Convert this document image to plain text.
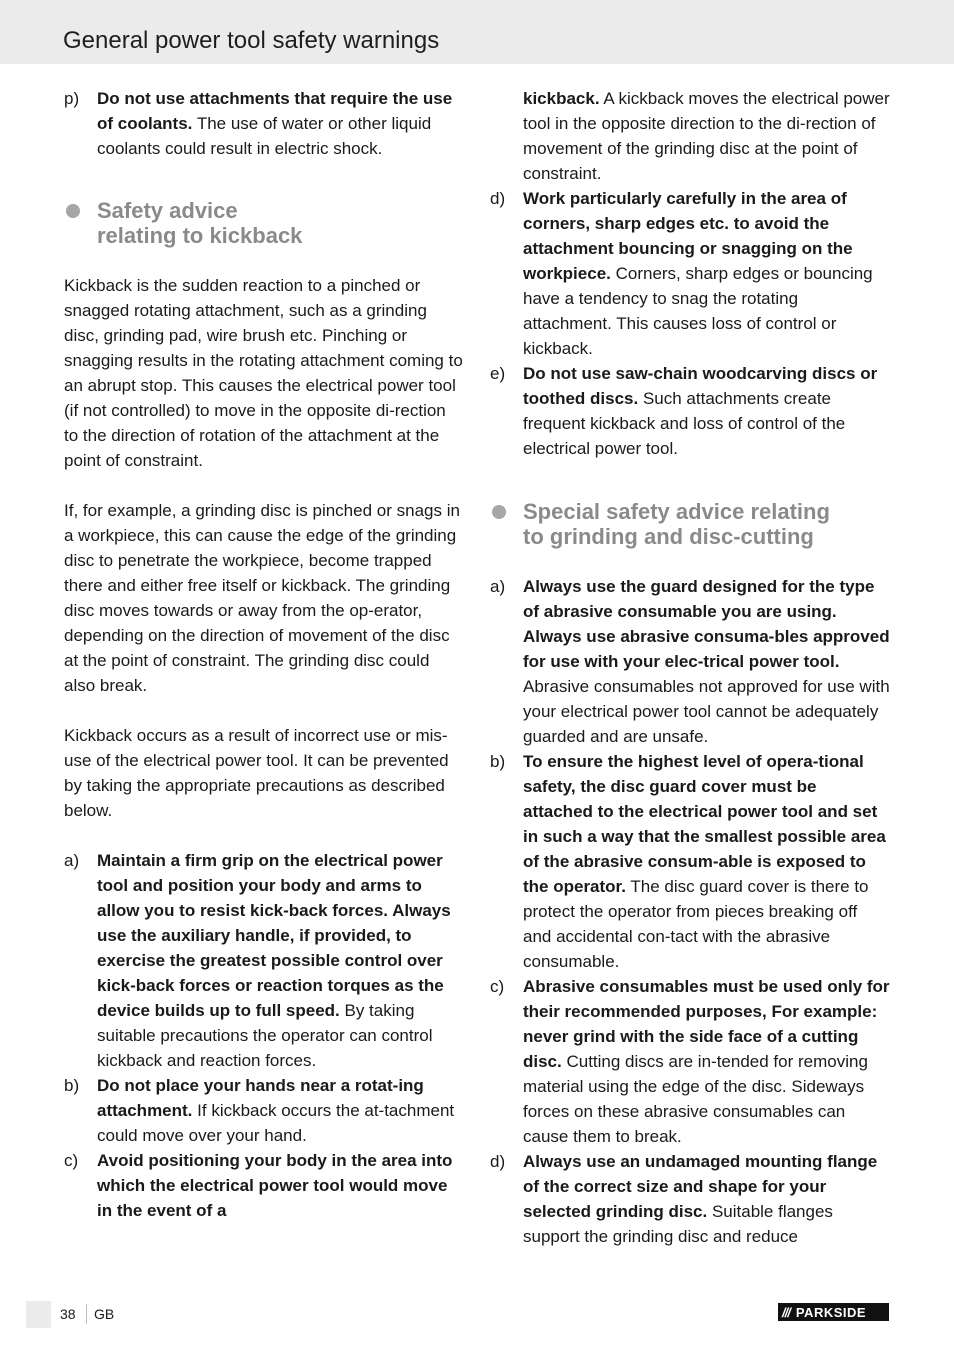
General power tool safety warnings
p) Do not use attachments that require the use of coolants. The use of water or other liquid coolants could result in electric shock.

Safety advice
relating to kickback

Kickback is the sudden reaction to a pinched or snagged rotating attachment, such as a grinding disc, grinding pad, wire brush etc. Pinching or snagging results in the rotating attachment coming to an abrupt stop. This causes the electrical power tool (if not controlled) to move in the opposite di-rection to the direction of rotation of the attachment at the point of constraint.

If, for example, a grinding disc is pinched or snags in a workpiece, this can cause the edge of the grinding disc to penetrate the workpiece, become trapped there and either free itself or kickback. The grinding disc moves towards or away from the op-erator, depending on the direction of movement of the disc at the point of constraint. The grinding disc could also break.

Kickback occurs as a result of incorrect use or mis-use of the electrical power tool. It can be prevented by taking the appropriate precautions as described below.

a) Maintain a firm grip on the electrical power tool and position your body and arms to allow you to resist kick-back forces. Always use the auxiliary handle, if provided, to exercise the greatest possible control over kick-back forces or reaction torques as the device builds up to full speed. By taking suitable precautions the operator can control kickback and reaction forces.

b) Do not place your hands near a rotat-ing attachment. If kickback occurs the at-tachment could move over your hand.

c) Avoid positioning your body in the area into which the electrical power tool would move in the event of a

kickback. A kickback moves the electrical power tool in the opposite direction to the di-rection of movement of the grinding disc at the point of constraint.

d) Work particularly carefully in the area of corners, sharp edges etc. to avoid the attachment bouncing or snagging on the workpiece. Corners, sharp edges or bouncing have a tendency to snag the rotating attachment. This causes loss of control or kickback.

e) Do not use saw-chain woodcarving discs or toothed discs. Such attachments create frequent kickback and loss of control of the electrical power tool.

Special safety advice relating
to grinding and disc-cutting
a) Always use the guard designed for the type of abrasive consumable you are using. Always use abrasive consuma-bles approved for use with your elec-trical power tool. Abrasive consumables not approved for use with your electrical power tool cannot be adequately guarded and are unsafe.

b) To ensure the highest level of opera-tional safety, the disc guard cover must be attached to the electrical power tool and set in such a way that the smallest possible area of the abrasive consum-able is exposed to the operator. The disc guard cover is there to protect the operator from pieces breaking off and accidental con-tact with the abrasive consumable.

c) Abrasive consumables must be used only for their recommended purposes, For example: never grind with the side face of a cutting disc. Cutting discs are in-tended for removing material using the edge of the disc. Sideways forces on these abrasive consumables can cause them to break.

d) Always use an undamaged mounting flange of the correct size and shape for your selected grinding disc. Suitable flanges support the grinding disc and reduce

38 GB	/// PARKSIDE
